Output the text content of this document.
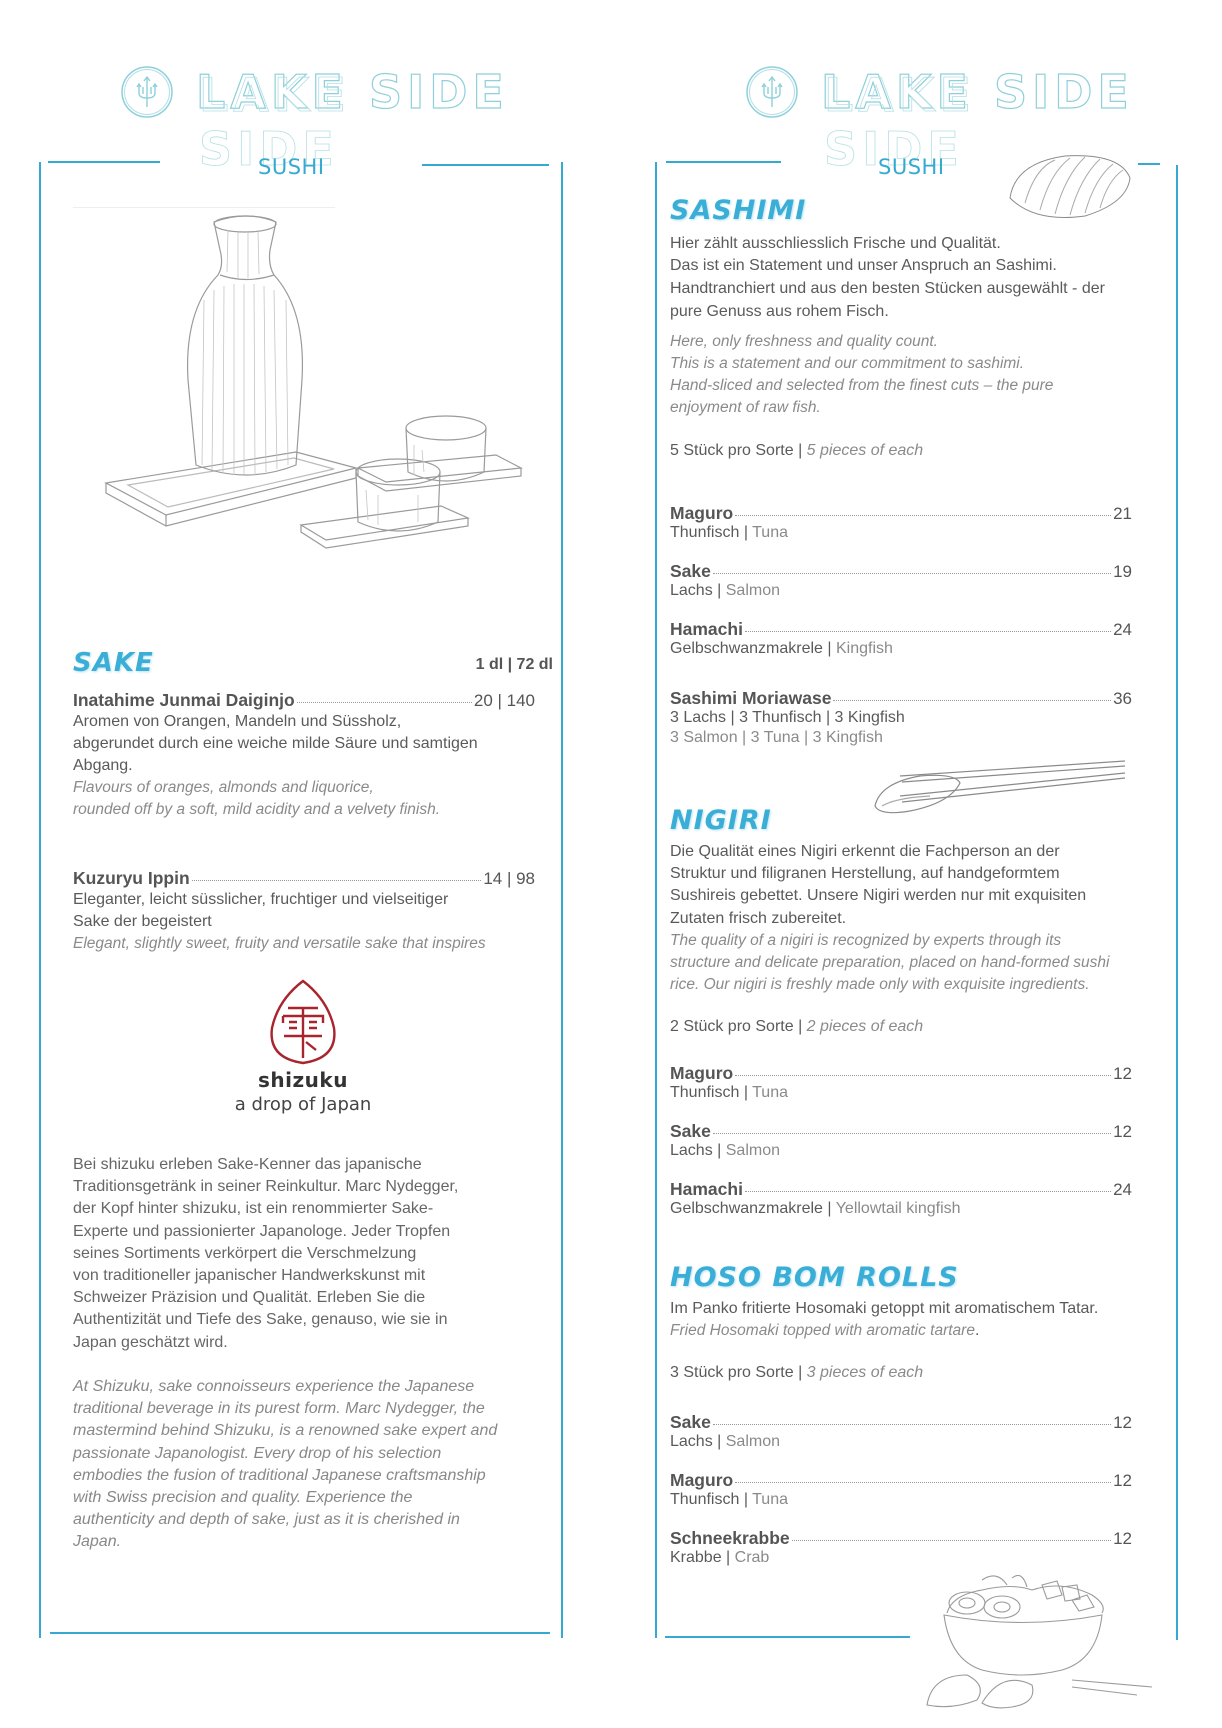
LAKE SIDE LAKE SIDE	LAKE SIDE LAKE SIDE
SUSHI	SUSHI
SAKE	1 dl | 72 dl
Inatahime Junmai Daiginjo	20 | 140
Aromen von Orangen, Mandeln und Süssholz,
abgerundet durch eine weiche milde Säure und samtigen
Abgang.
Flavours of oranges, almonds and liquorice,
rounded off by a soft, mild acidity and a velvety finish.
Kuzuryu Ippin	14 | 98
Eleganter, leicht süsslicher, fruchtiger und vielseitiger
Sake der begeistert
Elegant, slightly sweet, fruity and versatile sake that inspires
shizuku
a drop of Japan
Bei shizuku erleben Sake-Kenner das japanische
Traditionsgetränk in seiner Reinkultur. Marc Nydegger,
der Kopf hinter shizuku, ist ein renommierter Sake-
Experte und passionierter Japanologe. Jeder Tropfen
seines Sortiments verkörpert die Verschmelzung
von traditioneller japanischer Handwerkskunst mit
Schweizer Präzision und Qualität. Erleben Sie die
Authentizität und Tiefe des Sake, genauso, wie sie in
Japan geschätzt wird.
At Shizuku, sake connoisseurs experience the Japanese
traditional beverage in its purest form. Marc Nydegger, the
mastermind behind Shizuku, is a renowned sake expert and
passionate Japanologist. Every drop of his selection
embodies the fusion of traditional Japanese craftsmanship
with Swiss precision and quality. Experience the
authenticity and depth of sake, just as it is cherished in
Japan.
SASHIMI
Hier zählt ausschliesslich Frische und Qualität.
Das ist ein Statement und unser Anspruch an Sashimi.
Handtranchiert und aus den besten Stücken ausgewählt - der
pure Genuss aus rohem Fisch.
Here, only freshness and quality count.
This is a statement and our commitment to sashimi.
Hand-sliced and selected from the finest cuts – the pure
enjoyment of raw fish.
5 Stück pro Sorte | 5 pieces of each
Maguro	21
Thunfisch | Tuna
Sake	19
Lachs | Salmon
Hamachi	24
Gelbschwanzmakrele | Kingfish
Sashimi Moriawase	36
3 Lachs | 3 Thunfisch | 3 Kingfish
3 Salmon | 3 Tuna | 3 Kingfish
NIGIRI
Die Qualität eines Nigiri erkennt die Fachperson an der
Struktur und filigranen Herstellung, auf handgeformtem
Sushireis gebettet. Unsere Nigiri werden nur mit exquisiten
Zutaten frisch zubereitet.
The quality of a nigiri is recognized by experts through its
structure and delicate preparation, placed on hand-formed sushi
rice. Our nigiri is freshly made only with exquisite ingredients.
2 Stück pro Sorte | 2 pieces of each
Maguro	12
Thunfisch | Tuna
Sake	12
Lachs | Salmon
Hamachi	24
Gelbschwanzmakrele | Yellowtail kingfish
HOSO BOM ROLLS
Im Panko fritierte Hosomaki getoppt mit aromatischem Tatar.
Fried Hosomaki topped with aromatic tartare.
3 Stück pro Sorte | 3 pieces of each
Sake	12
Lachs | Salmon
Maguro	12
Thunfisch | Tuna
Schneekrabbe	12
Krabbe | Crab
